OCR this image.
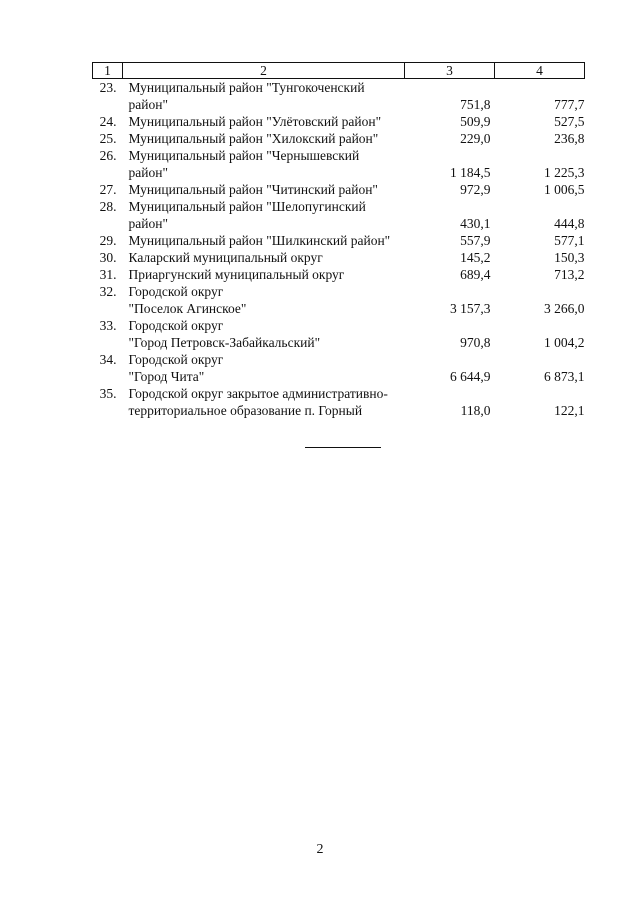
1	2	3	4
23.	Муниципальный район "Тунгокоченский
район"	751,8	777,7
24.	Муниципальный район "Улётовский район"	509,9	527,5
25.	Муниципальный район "Хилокский район"	229,0	236,8
26.	Муниципальный район "Чернышевский
район"	1 184,5	1 225,3
27.	Муниципальный район "Читинский район"	972,9	1 006,5
28.	Муниципальный район "Шелопугинский
район"	430,1	444,8
29.	Муниципальный район "Шилкинский район"	557,9	577,1
30.	Каларский муниципальный округ	145,2	150,3
31.	Приаргунский муниципальный округ	689,4	713,2
32.	Городской округ
"Поселок Агинское"	3 157,3	3 266,0
33.	Городской округ
"Город Петровск-Забайкальский"	970,8	1 004,2
34.	Городской округ
"Город Чита"	6 644,9	6 873,1
35.	Городской округ закрытое административно-
территориальное образование п. Горный	118,0	122,1
2
